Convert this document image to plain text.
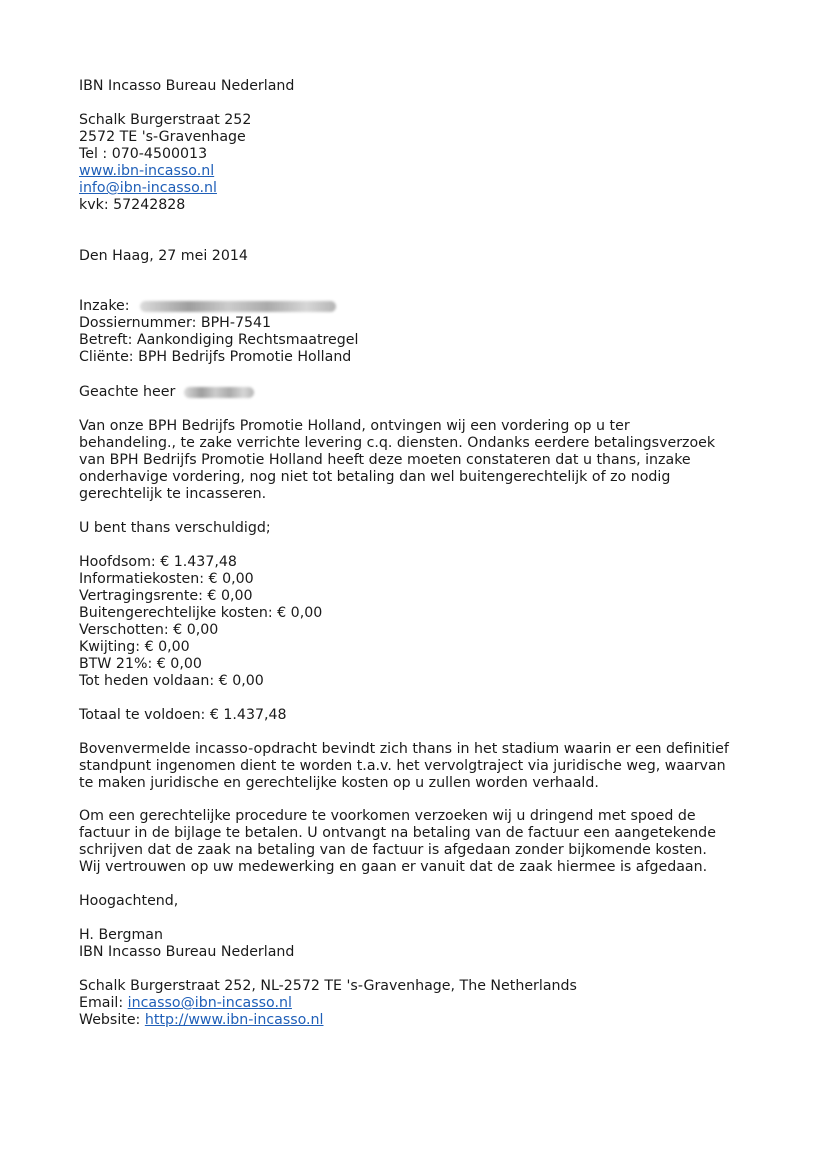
IBN Incasso Bureau Nederland
Schalk Burgerstraat 252
2572 TE 's-Gravenhage
Tel : 070-4500013
www.ibn-incasso.nl
info@ibn-incasso.nl
kvk: 57242828
Den Haag, 27 mei 2014
Inzake:
Dossiernummer: BPH-7541
Betreft: Aankondiging Rechtsmaatregel
Cliënte: BPH Bedrijfs Promotie Holland
Geachte heer
Van onze BPH Bedrijfs Promotie Holland, ontvingen wij een vordering op u ter
behandeling., te zake verrichte levering c.q. diensten. Ondanks eerdere betalingsverzoek
van BPH Bedrijfs Promotie Holland heeft deze moeten constateren dat u thans, inzake
onderhavige vordering, nog niet tot betaling dan wel buitengerechtelijk of zo nodig
gerechtelijk te incasseren.
U bent thans verschuldigd;
Hoofdsom: € 1.437,48
Informatiekosten: € 0,00
Vertragingsrente: € 0,00
Buitengerechtelijke kosten: € 0,00
Verschotten: € 0,00
Kwijting: € 0,00
BTW 21%: € 0,00
Tot heden voldaan: € 0,00
Totaal te voldoen: € 1.437,48
Bovenvermelde incasso-opdracht bevindt zich thans in het stadium waarin er een definitief
standpunt ingenomen dient te worden t.a.v. het vervolgtraject via juridische weg, waarvan
te maken juridische en gerechtelijke kosten op u zullen worden verhaald.
Om een gerechtelijke procedure te voorkomen verzoeken wij u dringend met spoed de
factuur in de bijlage te betalen. U ontvangt na betaling van de factuur een aangetekende
schrijven dat de zaak na betaling van de factuur is afgedaan zonder bijkomende kosten.
Wij vertrouwen op uw medewerking en gaan er vanuit dat de zaak hiermee is afgedaan.
Hoogachtend,
H. Bergman
IBN Incasso Bureau Nederland
Schalk Burgerstraat 252, NL-2572 TE 's-Gravenhage, The Netherlands
Email: incasso@ibn-incasso.nl
Website: http://www.ibn-incasso.nl
